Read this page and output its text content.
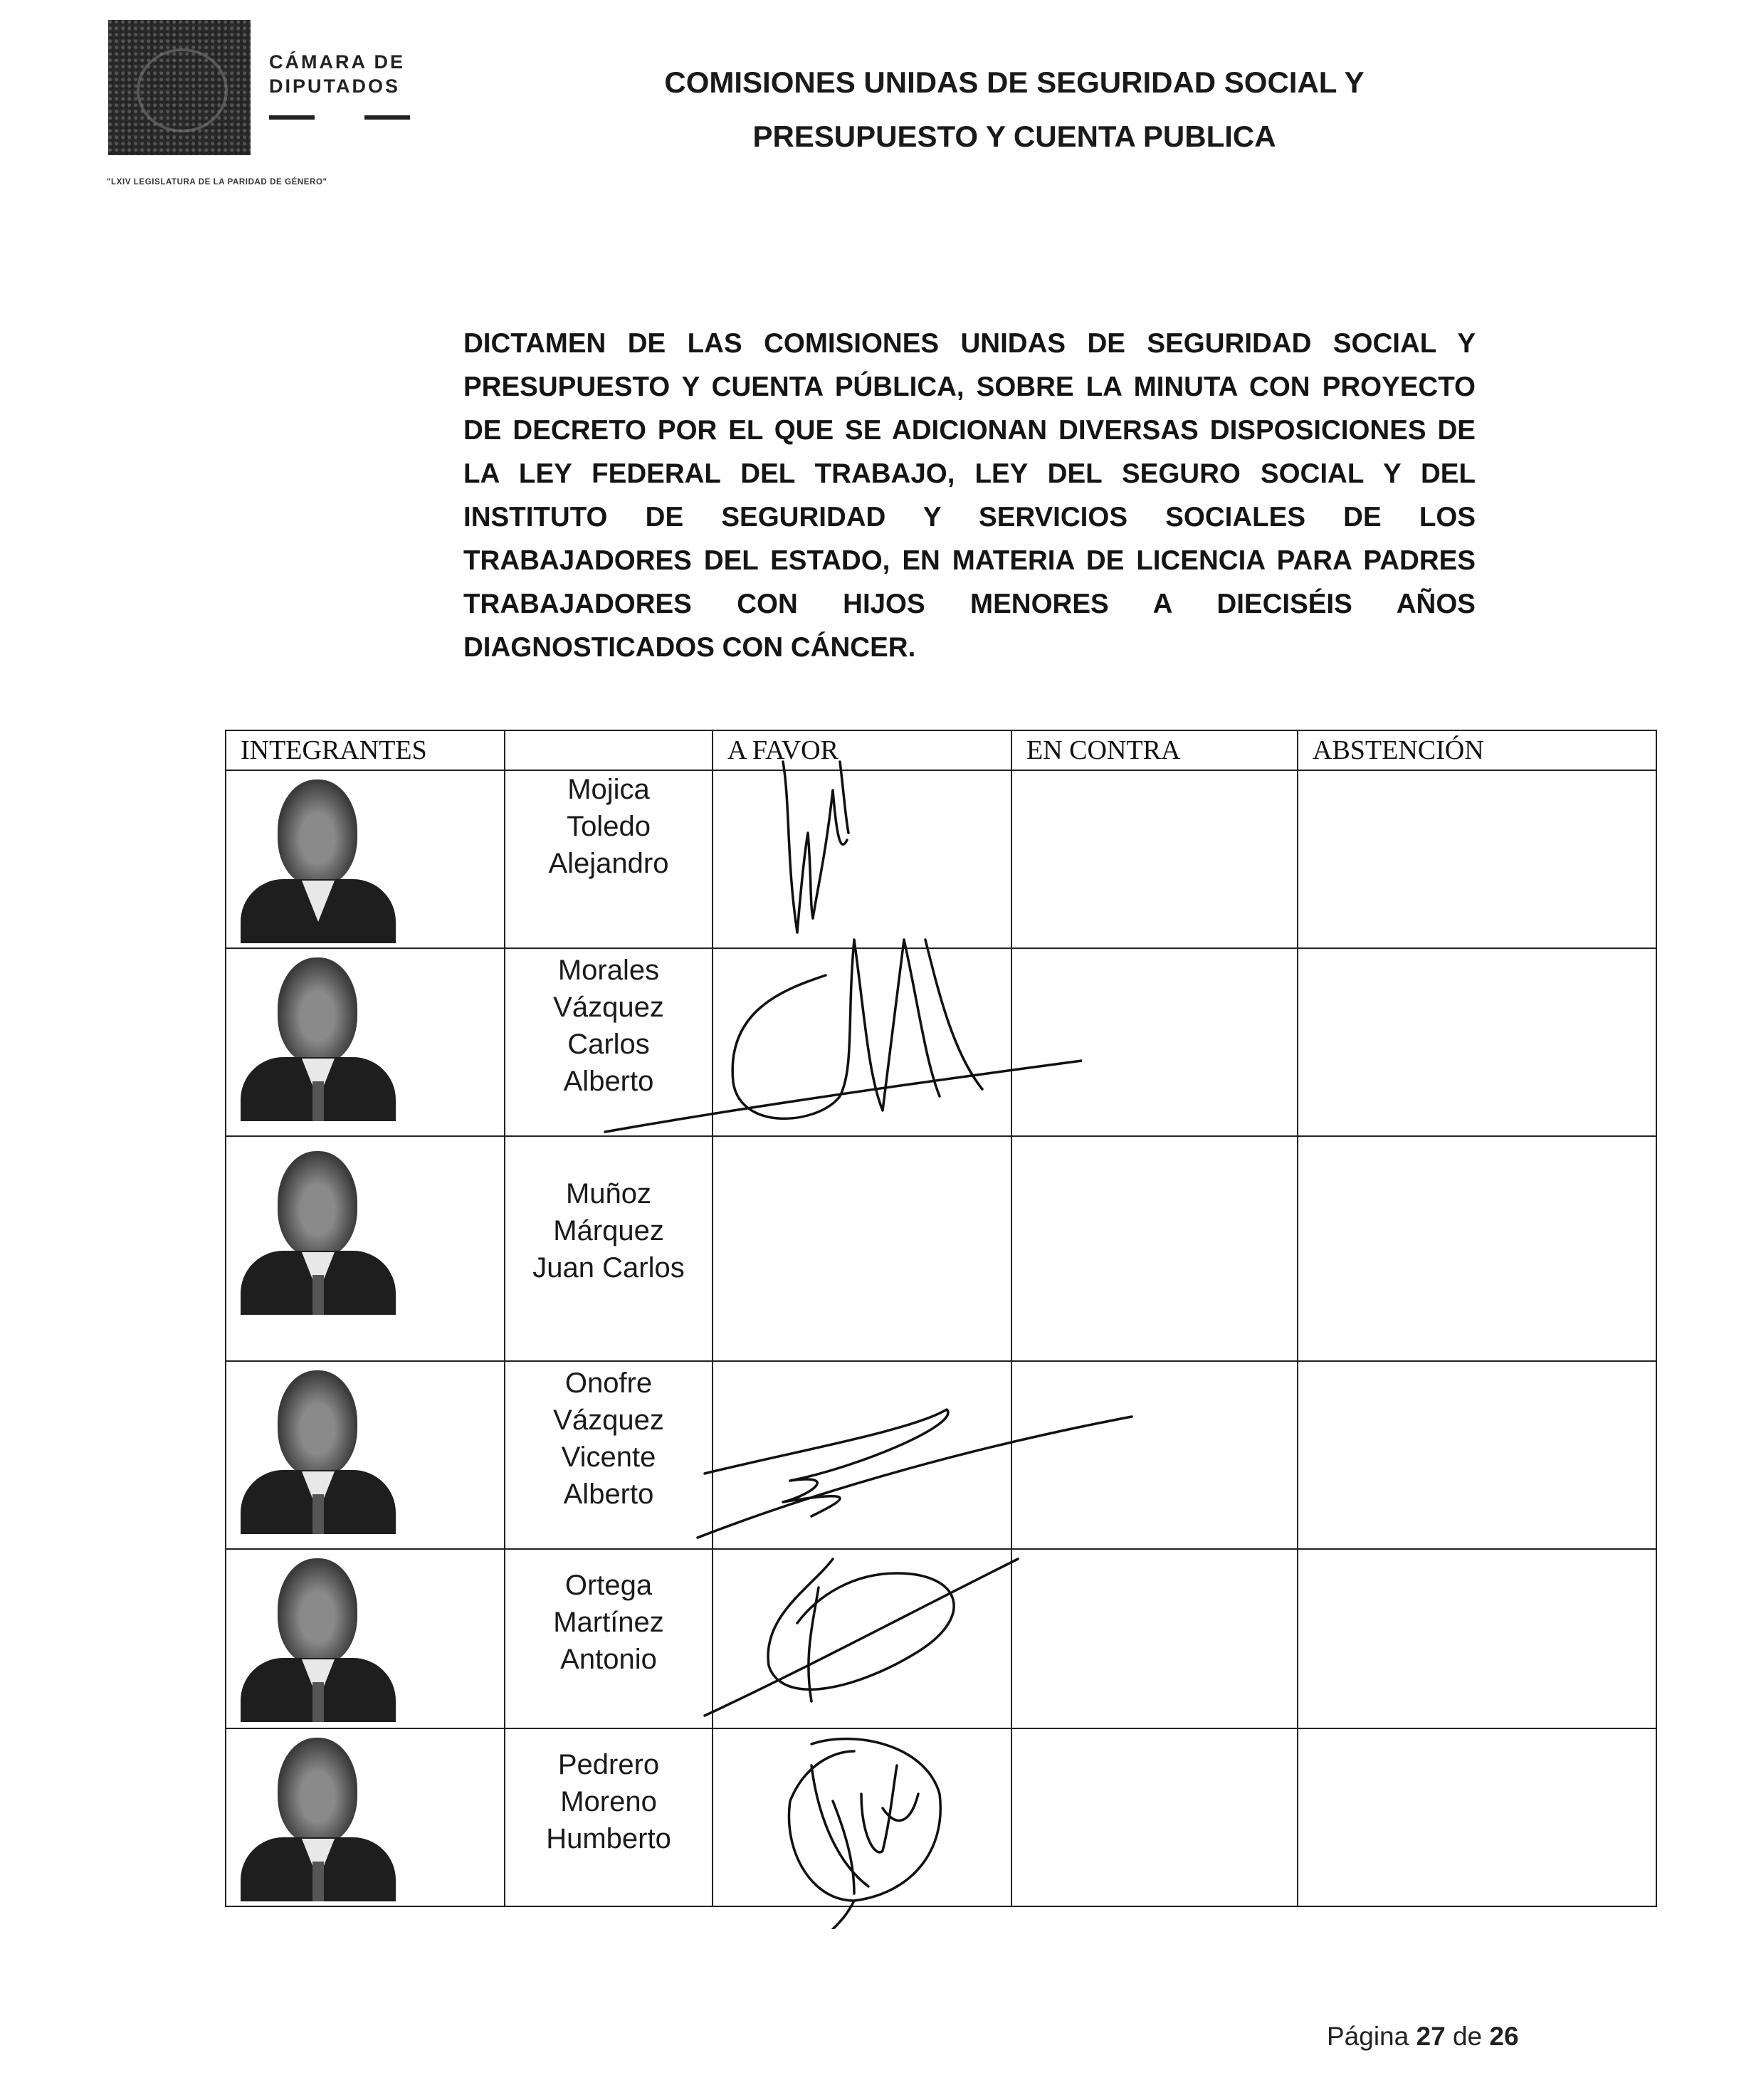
CÁMARA DE
DIPUTADOS
"LXIV LEGISLATURA DE LA PARIDAD DE GÉNERO"
COMISIONES UNIDAS DE SEGURIDAD SOCIAL Y
PRESUPUESTO Y CUENTA PUBLICA
DICTAMEN DE LAS COMISIONES UNIDAS DE SEGURIDAD SOCIAL Y PRESUPUESTO Y CUENTA PÚBLICA, SOBRE LA MINUTA CON PROYECTO DE DECRETO POR EL QUE SE ADICIONAN DIVERSAS DISPOSICIONES DE LA LEY FEDERAL DEL TRABAJO, LEY DEL SEGURO SOCIAL Y DEL INSTITUTO DE SEGURIDAD Y SERVICIOS SOCIALES DE LOS TRABAJADORES DEL ESTADO, EN MATERIA DE LICENCIA PARA PADRES TRABAJADORES CON HIJOS MENORES A DIECISÉIS AÑOS DIAGNOSTICADOS CON CÁNCER.
INTEGRANTES		A FAVOR	EN CONTRA	ABSTENCIÓN

	Mojica
Toledo
Alejandro			

	Morales
Vázquez
Carlos
Alberto			

	Muñoz
Márquez
Juan Carlos			

	Onofre
Vázquez
Vicente
Alberto			

	Ortega
Martínez
Antonio			

	Pedrero
Moreno
Humberto			

Página 27 de 26
